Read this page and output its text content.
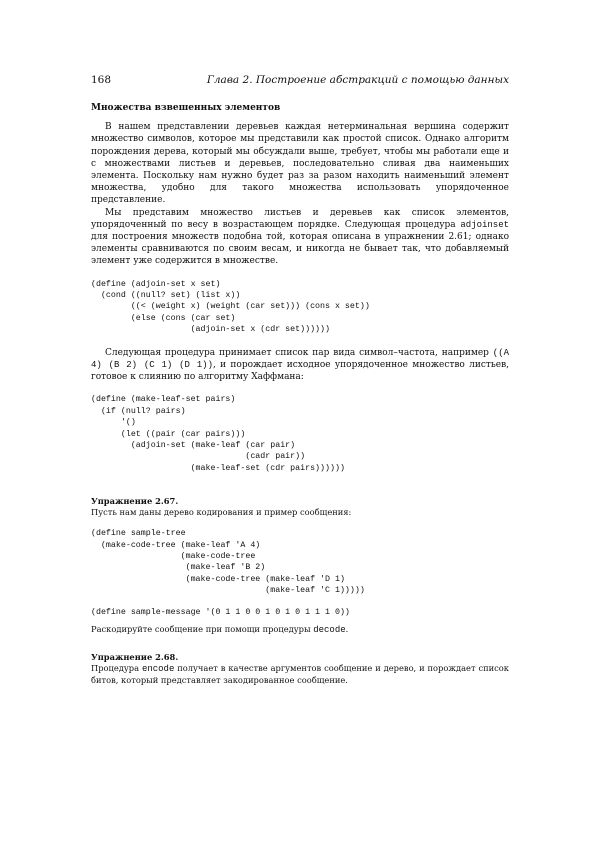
168	Глава 2. Построение абстракций с помощью данных

Множества взвешенных элементов

В нашем представлении деревьев каждая нетерминальная вершина содержит множество символов, которое мы представили как простой список. Однако алгоритм порождения дерева, который мы обсуждали выше, требует, чтобы мы работали еще и с множествами листьев и деревьев, последовательно сливая два наименьших элемента. Поскольку нам нужно будет раз за разом находить наименьший элемент множества, удобно для такого множества использовать упорядоченное представление.

Мы представим множество листьев и деревьев как список элементов, упорядоченный по весу в возрастающем порядке. Следующая процедура adjoinset для построения множеств подобна той, которая описана в упражнении 2.61; однако элементы сравниваются по своим весам, и никогда не бывает так, что добавляемый элемент уже содержится в множестве.

(define (adjoin-set x set)
(cond ((null? set) (list x))
((< (weight x) (weight (car set))) (cons x set))
(else (cons (car set)
(adjoin-set x (cdr set))))))

Следующая процедура принимает список пар вида символ–частота, например ((A 4) (B 2) (C 1) (D 1)), и порождает исходное упорядоченное множество листьев, готовое к слиянию по алгоритму Хаффмана:

(define (make-leaf-set pairs)
(if (null? pairs)
'()
(let ((pair (car pairs)))
(adjoin-set (make-leaf (car pair)
(cadr pair))
(make-leaf-set (cdr pairs))))))

Упражнение 2.67.

Пусть нам даны дерево кодирования и пример сообщения:

(define sample-tree
(make-code-tree (make-leaf 'A 4)
(make-code-tree
(make-leaf 'B 2)
(make-code-tree (make-leaf 'D 1)
(make-leaf 'C 1)))))
(define sample-message '(0 1 1 0 0 1 0 1 0 1 1 1 0))

Раскодируйте сообщение при помощи процедуры decode.

Упражнение 2.68.

Процедура encode получает в качестве аргументов сообщение и дерево, и порождает список битов, который представляет закодированное сообщение.
